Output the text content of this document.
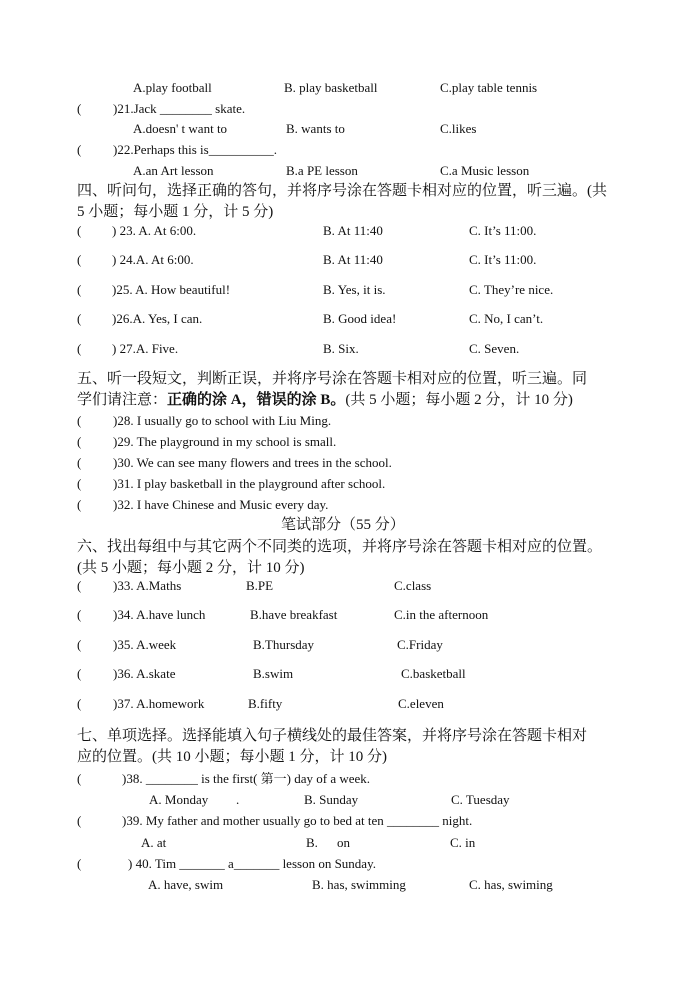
A.play football	B. play basketball	C.play table tennis
( )21.Jack ________ skate.
A.doesn' t want to	B. wants to	C.likes
( )22.Perhaps this is__________.
A.an Art lesson	B.a PE lesson	C.a Music lesson
四、听问句，选择正确的答句，并将序号涂在答题卡相对应的位置，听三遍。(共
5 小题；每小题 1 分，计 5 分)
( ) 23. A. At 6:00.	B. At 11:40	C. It’s 11:00.
( ) 24.A. At 6:00.	B. At 11:40	C. It’s 11:00.
( )25. A. How beautiful!	B. Yes, it is.	C. They’re nice.
( )26.A. Yes, I can.	B. Good idea!	C. No, I can’t.
( ) 27.A. Five.	B. Six.	C. Seven.
五、听一段短文，判断正误，并将序号涂在答题卡相对应的位置，听三遍。同
学们请注意：正确的涂 A，错误的涂 B。(共 5 小题；每小题 2 分，计 10 分)
( )28. I usually go to school with Liu Ming.
( )29. The playground in my school is small.
( )30. We can see many flowers and trees in the school.
( )31. I play basketball in the playground after school.
( )32. I have Chinese and Music every day.
笔试部分（55 分）
六、找出每组中与其它两个不同类的选项，并将序号涂在答题卡相对应的位置。
(共 5 小题；每小题 2 分，计 10 分)
( )33. A.Maths	B.PE	C.class
( )34. A.have lunch	B.have breakfast	C.in the afternoon
( )35. A.week	B.Thursday	C.Friday
( )36. A.skate	B.swim	C.basketball
( )37. A.homework	B.fifty	C.eleven
七、单项选择。选择能填入句子横线处的最佳答案，并将序号涂在答题卡相对
应的位置。(共 10 小题；每小题 1 分，计 10 分)
(	)38. ________ is the first( 第一) day of a week.
A. Monday .	B. Sunday	C. Tuesday
(	)39. My father and mother usually go to bed at ten ________ night.
A. at	B. on	C. in
(	) 40. Tim _______ a_______ lesson on Sunday.
A. have, swim	B. has, swimming	C. has, swiming
